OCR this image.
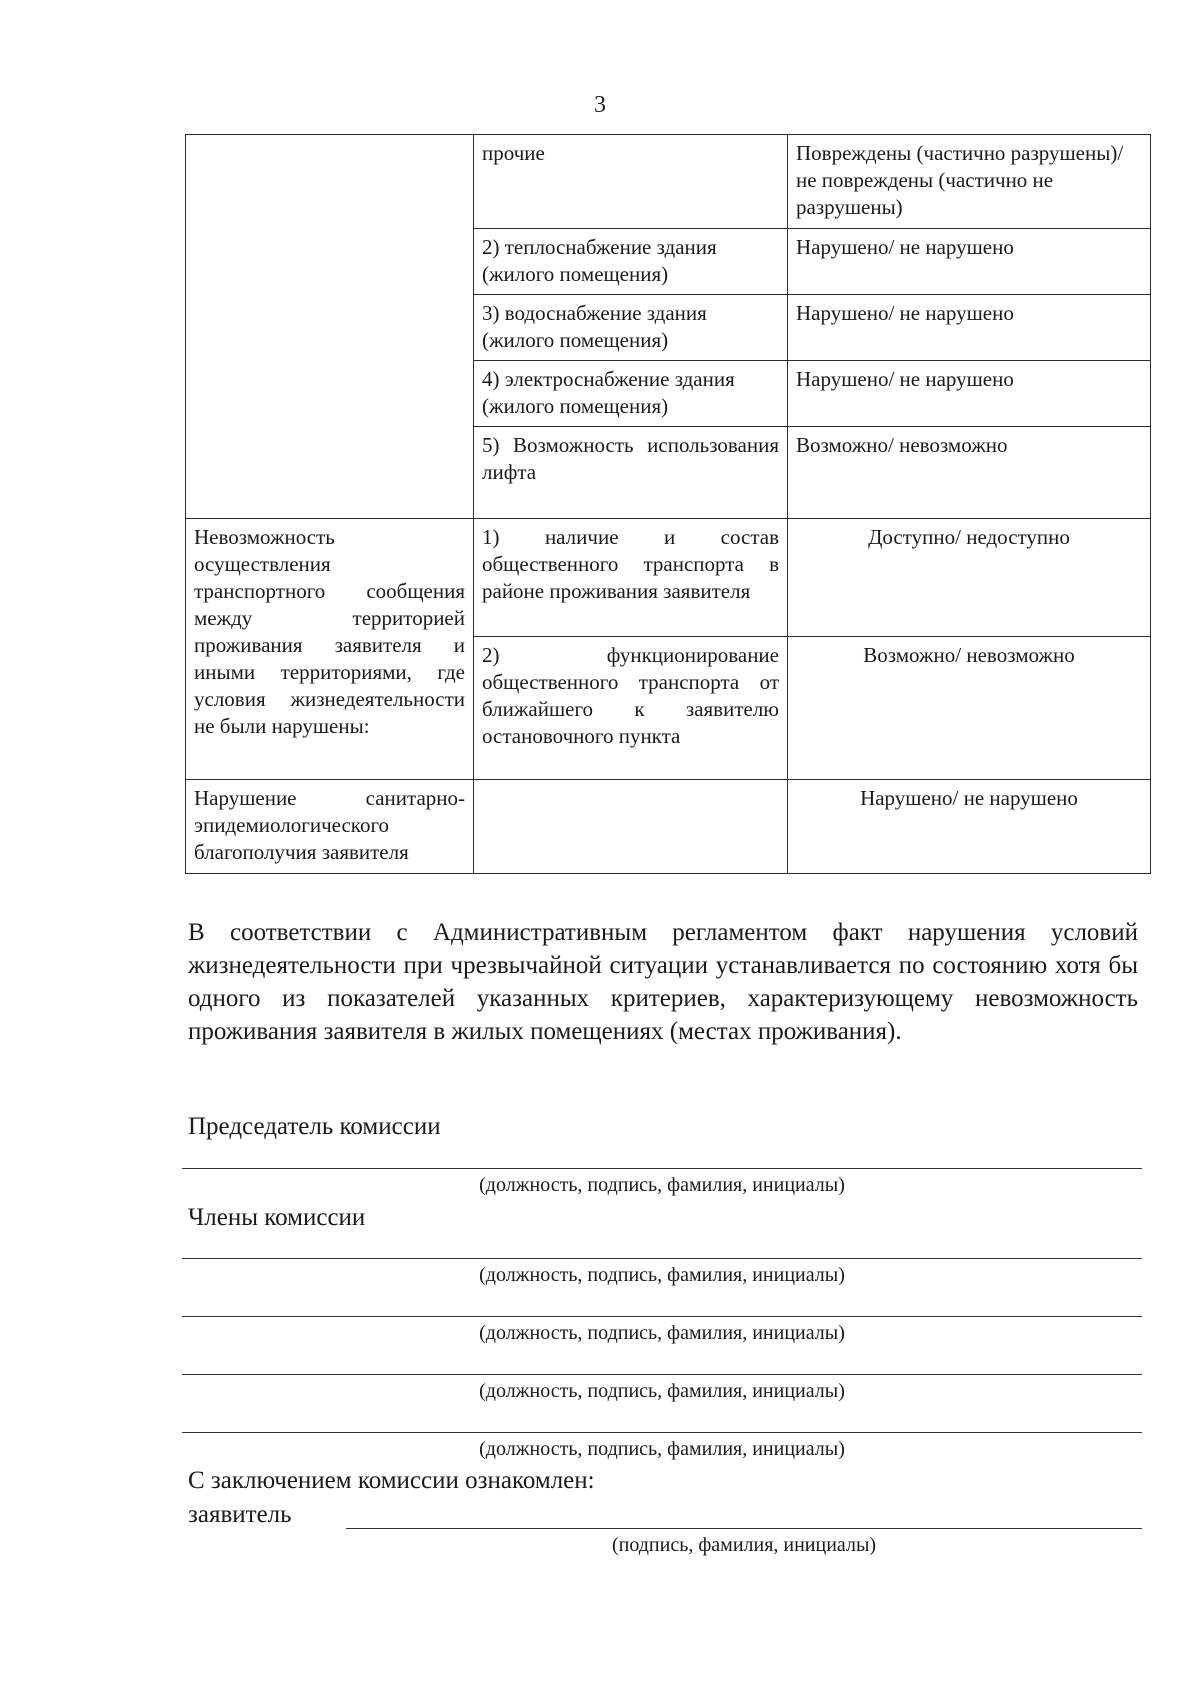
3
	прочие	Повреждены (частично разрушены)/ не повреждены (частично не разрушены)
	2) теплоснабжение здания (жилого помещения)	Нарушено/ не нарушено
	3) водоснабжение здания (жилого помещения)	Нарушено/ не нарушено
	4) электроснабжение здания (жилого помещения)	Нарушено/ не нарушено
	5) Возможность использования лифта	Возможно/ невозможно
Невозможность осуществления транспортного сообщения между территорией проживания заявителя и иными территориями, где условия жизнедеятельности не были нарушены:	1) наличие и состав общественного транспорта в районе проживания заявителя	Доступно/ недоступно
	2) функционирование общественного транспорта от ближайшего к заявителю остановочного пункта	Возможно/ невозможно
Нарушение санитарно-эпидемиологического благополучия заявителя		Нарушено/ не нарушено
В соответствии с Административным регламентом факт нарушения условий жизнедеятельности при чрезвычайной ситуации устанавливается по состоянию хотя бы одного из показателей указанных критериев, характеризующему невозможность проживания заявителя в жилых помещениях (местах проживания).
Председатель комиссии
(должность, подпись, фамилия, инициалы)
Члены комиссии
(должность, подпись, фамилия, инициалы)
(должность, подпись, фамилия, инициалы)
(должность, подпись, фамилия, инициалы)
(должность, подпись, фамилия, инициалы)
С заключением комиссии ознакомлен:
заявитель
(подпись, фамилия, инициалы)
